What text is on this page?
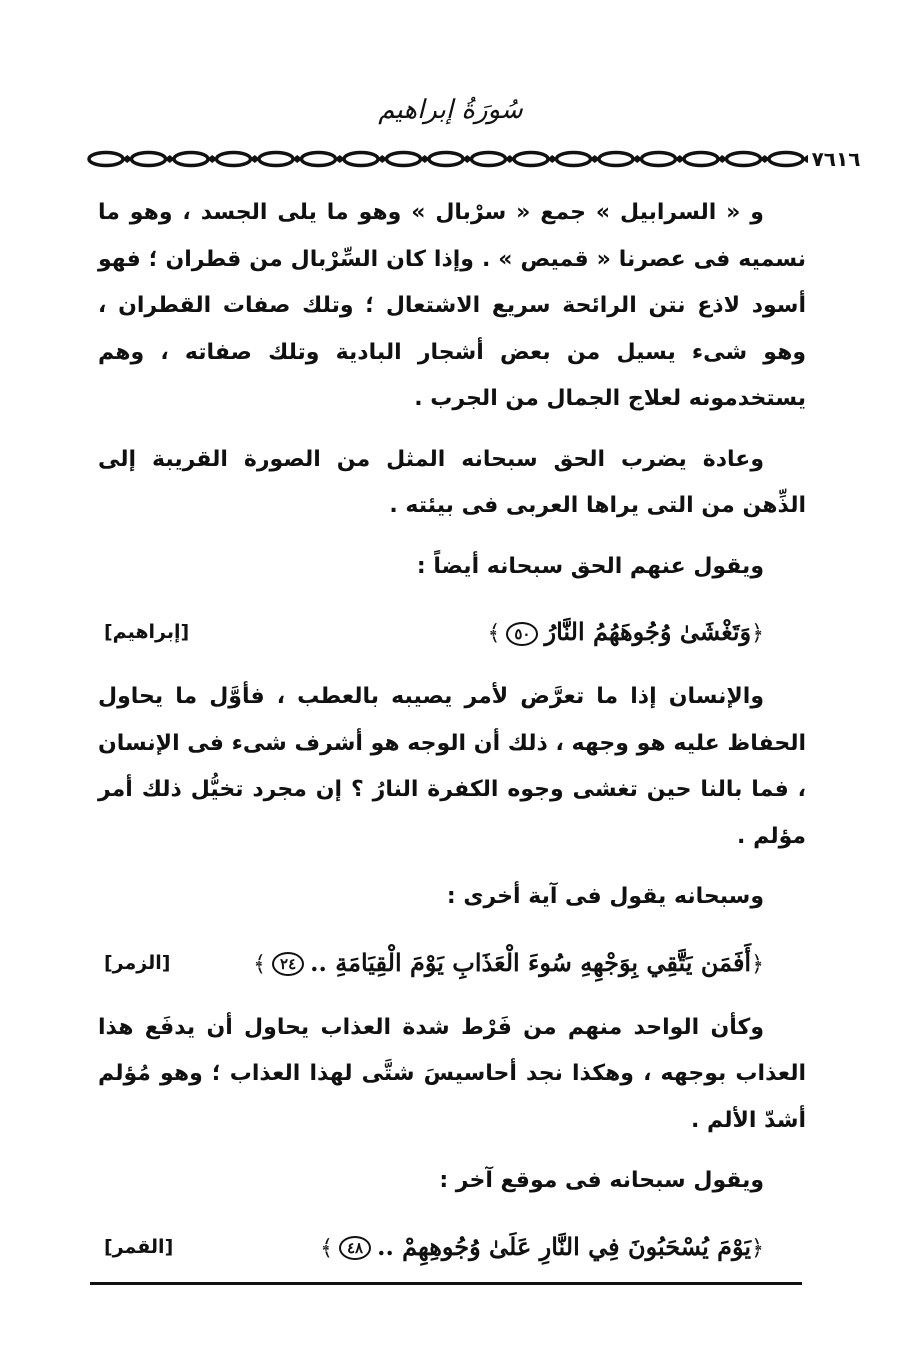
سُورَةُ إبراهيم
٧٦١٦

و « السرابيل » جمع « سرْبال » وهو ما يلى الجسد ، وهو ما نسميه فى عصرنا « قميص » . وإذا كان السِّرْبال من قطران ؛ فهو أسود لاذع نتن الرائحة سريع الاشتعال ؛ وتلك صفات القطران ، وهو شىء يسيل من بعض أشجار البادية وتلك صفاته ، وهم يستخدمونه لعلاج الجمال من الجرب .

وعادة يضرب الحق سبحانه المثل من الصورة القريبة إلى الذِّهن من التى يراها العربى فى بيئته .

ويقول عنهم الحق سبحانه أيضاً :

﴿وَتَغْشَىٰ وُجُوهَهُمُ النَّارُ٥٠﴾
[إبراهيم]

والإنسان إذا ما تعرَّض لأمر يصيبه بالعطب ، فأوَّل ما يحاول الحفاظ عليه هو وجهه ، ذلك أن الوجه هو أشرف شىء فى الإنسان ، فما بالنا حين تغشى وجوه الكفرة النارُ ؟ إن مجرد تخيُّل ذلك أمر مؤلم .

وسبحانه يقول فى آية أخرى :

﴿أَفَمَن يَتَّقِي بِوَجْهِهِ سُوءَ الْعَذَابِ يَوْمَ الْقِيَامَةِ ..٢٤﴾
[الزمر]

وكأن الواحد منهم من فَرْط شدة العذاب يحاول أن يدفَع هذا العذاب بوجهه ، وهكذا نجد أحاسيسَ شتَّى لهذا العذاب ؛ وهو مُؤلم أشدّ الألم .

ويقول سبحانه فى موقع آخر :

﴿يَوْمَ يُسْحَبُونَ فِي النَّارِ عَلَىٰ وُجُوهِهِمْ ..٤٨﴾
[القمر]
